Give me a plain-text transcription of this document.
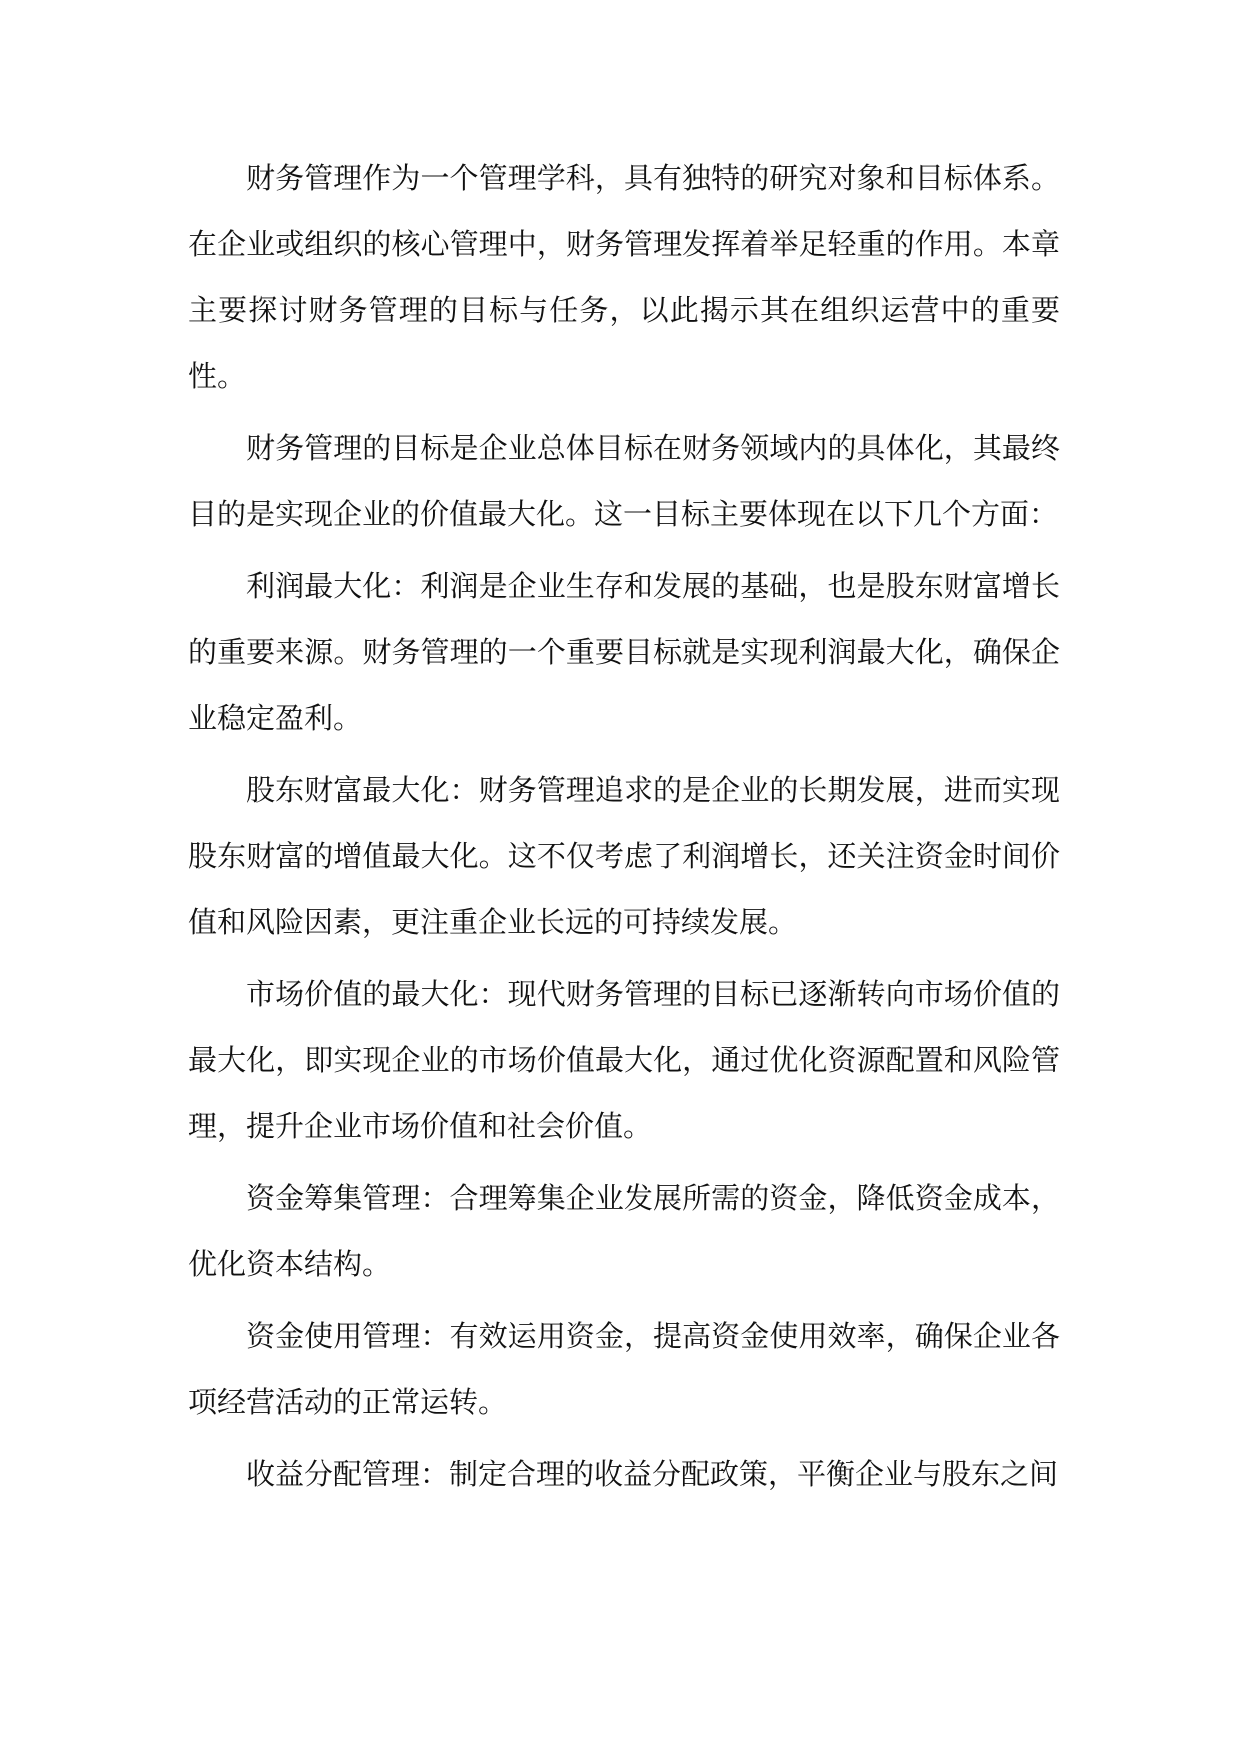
财务管理作为一个管理学科，具有独特的研究对象和目标体系。在企业或组织的核心管理中，财务管理发挥着举足轻重的作用。本章主要探讨财务管理的目标与任务，以此揭示其在组织运营中的重要性。

财务管理的目标是企业总体目标在财务领域内的具体化，其最终目的是实现企业的价值最大化。这一目标主要体现在以下几个方面：

利润最大化：利润是企业生存和发展的基础，也是股东财富增长的重要来源。财务管理的一个重要目标就是实现利润最大化，确保企业稳定盈利。

股东财富最大化：财务管理追求的是企业的长期发展，进而实现股东财富的增值最大化。这不仅考虑了利润增长，还关注资金时间价值和风险因素，更注重企业长远的可持续发展。

市场价值的最大化：现代财务管理的目标已逐渐转向市场价值的最大化，即实现企业的市场价值最大化，通过优化资源配置和风险管理，提升企业市场价值和社会价值。

资金筹集管理：合理筹集企业发展所需的资金，降低资金成本，优化资本结构。

资金使用管理：有效运用资金，提高资金使用效率，确保企业各项经营活动的正常运转。

收益分配管理：制定合理的收益分配政策，平衡企业与股东之间
